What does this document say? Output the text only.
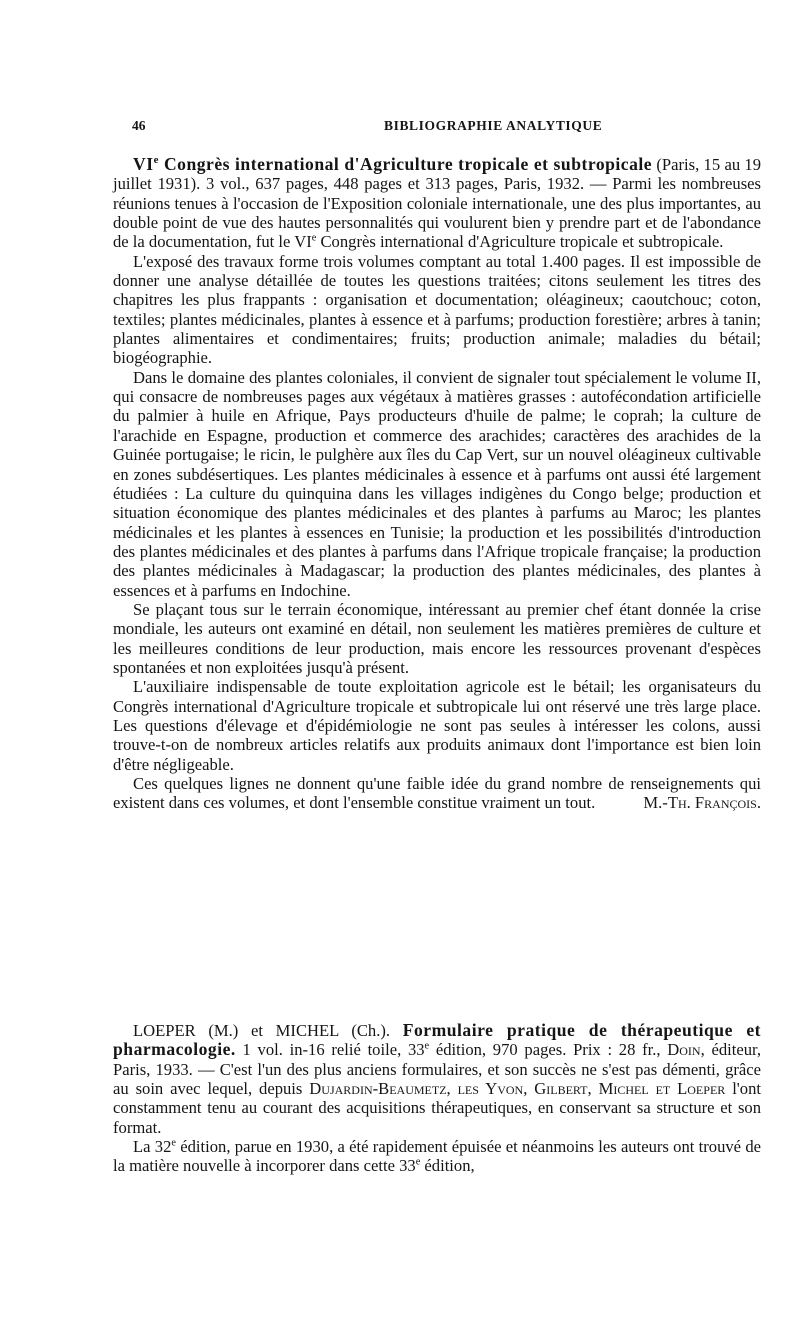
46	BIBLIOGRAPHIE ANALYTIQUE

VIe Congrès international d'Agriculture tropicale et subtropicale (Paris, 15 au 19 juillet 1931). 3 vol., 637 pages, 448 pages et 313 pages, Paris, 1932. — Parmi les nombreuses réunions tenues à l'occasion de l'Exposition coloniale internationale, une des plus importantes, au double point de vue des hautes personnalités qui voulurent bien y prendre part et de l'abondance de la documentation, fut le VIe Congrès international d'Agriculture tropicale et subtropicale.

L'exposé des travaux forme trois volumes comptant au total 1.400 pages. Il est impossible de donner une analyse détaillée de toutes les questions traitées; citons seulement les titres des chapitres les plus frappants : organisation et documentation; oléagineux; caoutchouc; coton, textiles; plantes médicinales, plantes à essence et à parfums; production forestière; arbres à tanin; plantes alimentaires et condimentaires; fruits; production animale; maladies du bétail; biogéographie.

Dans le domaine des plantes coloniales, il convient de signaler tout spécialement le volume II, qui consacre de nombreuses pages aux végétaux à matières grasses : autofécondation artificielle du palmier à huile en Afrique, Pays producteurs d'huile de palme; le coprah; la culture de l'arachide en Espagne, production et commerce des arachides; caractères des arachides de la Guinée portugaise; le ricin, le pulghère aux îles du Cap Vert, sur un nouvel oléagineux cultivable en zones subdésertiques. Les plantes médicinales à essence et à parfums ont aussi été largement étudiées : La culture du quinquina dans les villages indigènes du Congo belge; production et situation économique des plantes médicinales et des plantes à parfums au Maroc; les plantes médicinales et les plantes à essences en Tunisie; la production et les possibilités d'introduction des plantes médicinales et des plantes à parfums dans l'Afrique tropicale française; la production des plantes médicinales à Madagascar; la production des plantes médicinales, des plantes à essences et à parfums en Indochine.

Se plaçant tous sur le terrain économique, intéressant au premier chef étant donnée la crise mondiale, les auteurs ont examiné en détail, non seulement les matières premières de culture et les meilleures conditions de leur production, mais encore les ressources provenant d'espèces spontanées et non exploitées jusqu'à présent.

L'auxiliaire indispensable de toute exploitation agricole est le bétail; les organisateurs du Congrès international d'Agriculture tropicale et subtropicale lui ont réservé une très large place. Les questions d'élevage et d'épidémiologie ne sont pas seules à intéresser les colons, aussi trouve-t-on de nombreux articles relatifs aux produits animaux dont l'importance est bien loin d'être négligeable.

Ces quelques lignes ne donnent qu'une faible idée du grand nombre de renseignements qui existent dans ces volumes, et dont l'ensemble constitue vraiment un tout.	M.-Th. François.

LOEPER (M.) et MICHEL (Ch.). Formulaire pratique de thérapeutique et pharmacologie. 1 vol. in-16 relié toile, 33e édition, 970 pages. Prix : 28 fr., Doin, éditeur, Paris, 1933. — C'est l'un des plus anciens formulaires, et son succès ne s'est pas démenti, grâce au soin avec lequel, depuis Dujardin-Beaumetz, les Yvon, Gilbert, Michel et Loeper l'ont constamment tenu au courant des acquisitions thérapeutiques, en conservant sa structure et son format.

La 32e édition, parue en 1930, a été rapidement épuisée et néanmoins les auteurs ont trouvé de la matière nouvelle à incorporer dans cette 33e édition,
